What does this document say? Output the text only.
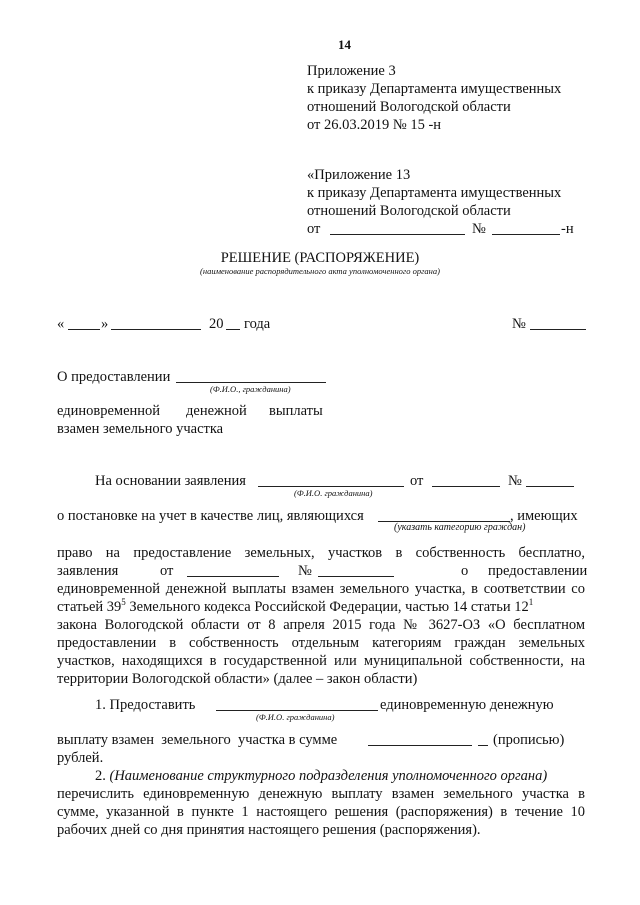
14
Приложение 3
к приказу Департамента имущественных
отношений Вологодской области
от 26.03.2019 № 15 -н
«Приложение 13
к приказу Департамента имущественных
отношений Вологодской области
от	№	-н
РЕШЕНИЕ (РАСПОРЯЖЕНИЕ)
(наименование распорядительного акта уполномоченного органа)
«	»	20 года	№
О предоставлении
(Ф.И.О., гражданина)
единовременной денежной выплаты
взамен земельного участка
На основании заявления
(Ф.И.О. гражданина)
от	№
о постановке на учет в качестве лиц, являющихся	, имеющих
(указать категорию граждан)
право на предоставление земельных, участков в собственность бесплатно,
заявления	от	№	о предоставлении
единовременной денежной выплаты взамен земельного участка, в соответствии со
статьей $39^5$ Земельного кодекса Российской Федерации, частью 14 статьи $12^1$
закона Вологодской области от 8 апреля 2015 года № 3627-ОЗ «О бесплатном
предоставлении в собственность отдельным категориям граждан земельных
участков, находящихся в государственной или муниципальной собственности, на
территории Вологодской области» (далее – закон области)
1. Предоставить	единовременную денежную
(Ф.И.О. гражданина)
выплату взамен  земельного  участка в сумме	(прописью)
рублей.
2. (Наименование структурного подразделения уполномоченного органа)
перечислить единовременную денежную выплату взамен земельного участка в
сумме, указанной в пункте 1 настоящего решения (распоряжения) в течение 10
рабочих дней со дня принятия настоящего решения (распоряжения).
